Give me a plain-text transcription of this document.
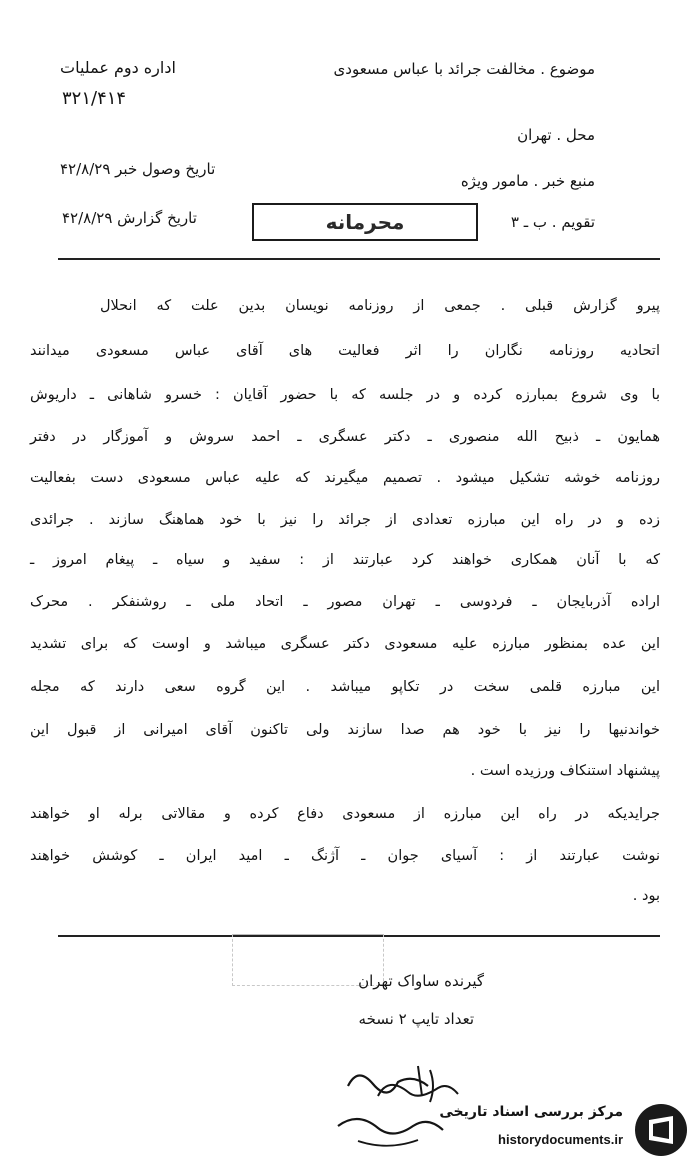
موضوع . مخالفت جرائد با عباس مسعودی
اداره دوم عملیات
۳۲۱/۴۱۴
محل . تهران
منبع خبر . مامور ویژه
تاریخ وصول خبر ۴۲/۸/۲۹
تقویم . ب ـ ۳
محرمانه
تاریخ گزارش ۴۲/۸/۲۹
پیرو گزارش قبلی . جمعی از روزنامه نویسان بدین علت که انحلال
اتحادیه روزنامه نگاران را اثر فعالیت های آقای عباس مسعودی میدانند
با وی شروع بمبارزه کرده و در جلسه که با حضور آقایان : خسرو شاهانی ـ داریوش
همایون ـ ذبیح الله منصوری ـ دکتر عسگری ـ احمد سروش و آموزگار در دفتر
روزنامه خوشه تشکیل میشود . تصمیم میگیرند که علیه عباس مسعودی دست بفعالیت
زده و در راه این مبارزه تعدادی از جرائد را نیز با خود هماهنگ سازند . جرائدی
که با آنان همکاری خواهند کرد عبارتند از : سفید و سیاه ـ پیغام امروز ـ
اراده آذربایجان ـ فردوسی ـ تهران مصور ـ اتحاد ملی ـ روشنفکر . محرک
این عده بمنظور مبارزه علیه مسعودی دکتر عسگری میباشد و اوست که برای تشدید
این مبارزه قلمی سخت در تکاپو میباشد . این گروه سعی دارند که مجله
خواندنیها را نیز با خود هم صدا سازند ولی تاکنون آقای امیرانی از قبول این
پیشنهاد استنکاف ورزیده است .
جرایدیکه در راه این مبارزه از مسعودی دفاع کرده و مقالاتی برله او خواهند
نوشت عبارتند از : آسیای جوان ـ آژنگ ـ امید ایران ـ کوشش خواهند
بود .
گیرنده ساواک تهران
تعداد تایپ ۲ نسخه
مرکز بررسی اسناد تاریخی
historydocuments.ir
